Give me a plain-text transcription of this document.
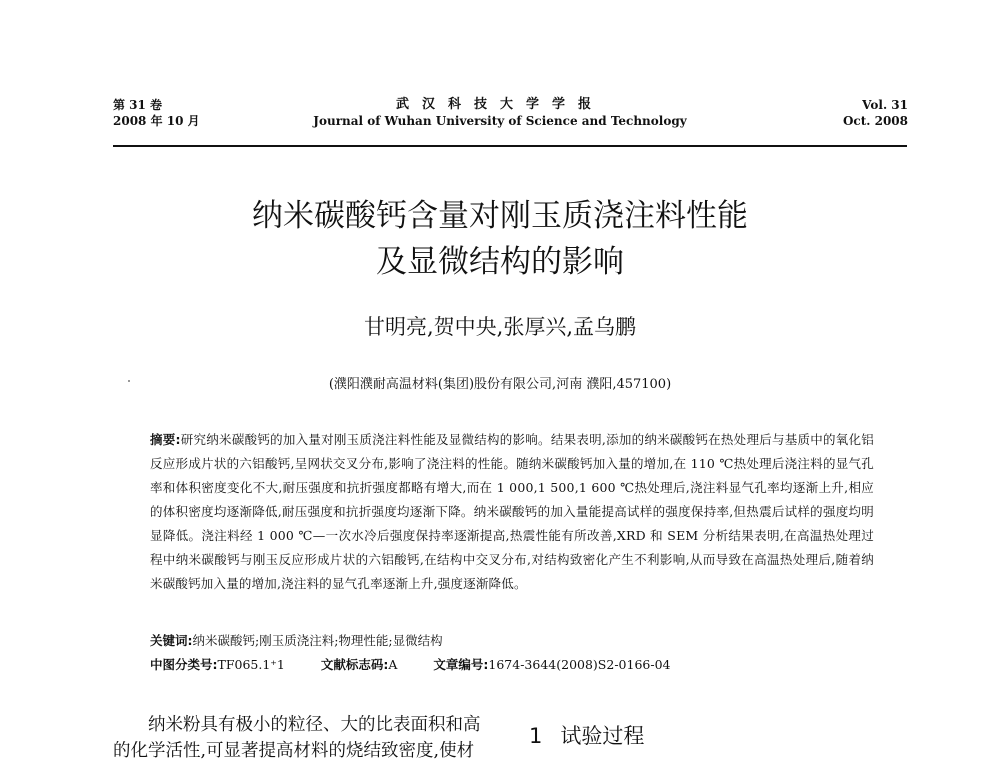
第 31 卷
2008 年 10 月
武汉科技大学学报
Journal of Wuhan University of Science and Technology
Vol. 31
Oct. 2008
纳米碳酸钙含量对刚玉质浇注料性能
及显微结构的影响
甘明亮,贺中央,张厚兴,孟乌鹏
(濮阳濮耐高温材料(集团)股份有限公司,河南 濮阳,457100)
摘要:研究纳米碳酸钙的加入量对刚玉质浇注料性能及显微结构的影响。结果表明,添加的纳米碳酸钙在热处理后与基质中的氧化铝反应形成片状的六铝酸钙,呈网状交叉分布,影响了浇注料的性能。随纳米碳酸钙加入量的增加,在 110 ℃热处理后浇注料的显气孔率和体积密度变化不大,耐压强度和抗折强度都略有增大,而在 1 000,1 500,1 600 ℃热处理后,浇注料显气孔率均逐渐上升,相应的体积密度均逐渐降低,耐压强度和抗折强度均逐渐下降。纳米碳酸钙的加入量能提高试样的强度保持率,但热震后试样的强度均明显降低。浇注料经 1 000 ℃—一次水冷后强度保持率逐渐提高,热震性能有所改善,XRD 和 SEM 分析结果表明,在高温热处理过程中纳米碳酸钙与刚玉反应形成片状的六铝酸钙,在结构中交叉分布,对结构致密化产生不利影响,从而导致在高温热处理后,随着纳米碳酸钙加入量的增加,浇注料的显气孔率逐渐上升,强度逐渐降低。
关键词:纳米碳酸钙;刚玉质浇注料;物理性能;显微结构
中图分类号:TF065.1⁺1	文献标志码:A	文章编号:1674-3644(2008)S2-0166-04
纳米粉具有极小的粒径、大的比表面积和高
的化学活性,可显著提高材料的烧结致密度,使材
1 试验过程
